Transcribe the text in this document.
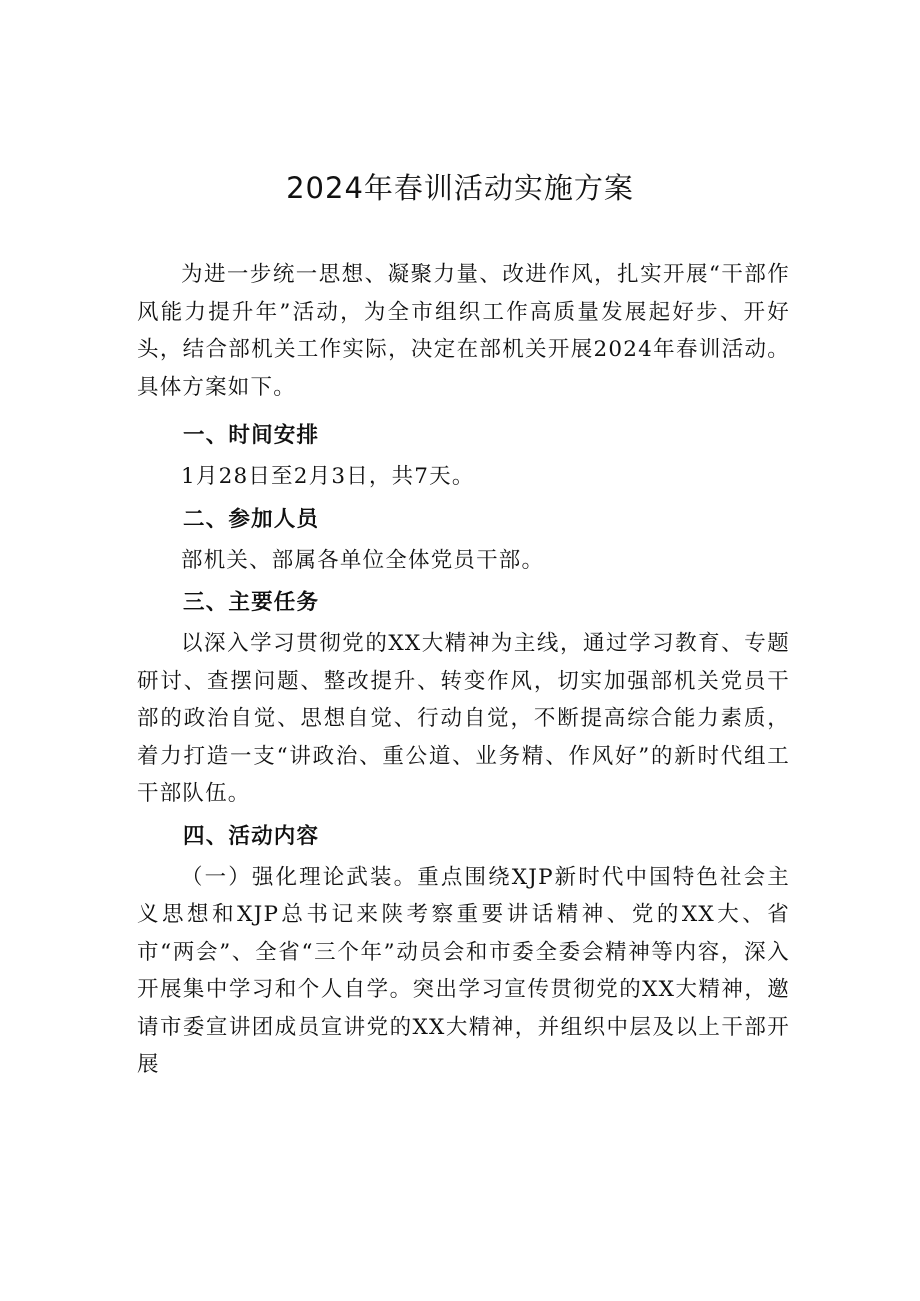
2024年春训活动实施方案

为进一步统一思想、凝聚力量、改进作风，扎实开展“干部作风能力提升年”活动，为全市组织工作高质量发展起好步、开好头，结合部机关工作实际，决定在部机关开展2024年春训活动。具体方案如下。

一、时间安排

1月28日至2月3日，共7天。

二、参加人员

部机关、部属各单位全体党员干部。

三、主要任务

以深入学习贯彻党的XX大精神为主线，通过学习教育、专题研讨、查摆问题、整改提升、转变作风，切实加强部机关党员干部的政治自觉、思想自觉、行动自觉，不断提高综合能力素质，着力打造一支“讲政治、重公道、业务精、作风好”的新时代组工干部队伍。

四、活动内容

（一）强化理论武装。重点围绕XJP新时代中国特色社会主义思想和XJP总书记来陕考察重要讲话精神、党的XX大、省市“两会”、全省“三个年”动员会和市委全委会精神等内容，深入开展集中学习和个人自学。突出学习宣传贯彻党的XX大精神，邀请市委宣讲团成员宣讲党的XX大精神，并组织中层及以上干部开展
